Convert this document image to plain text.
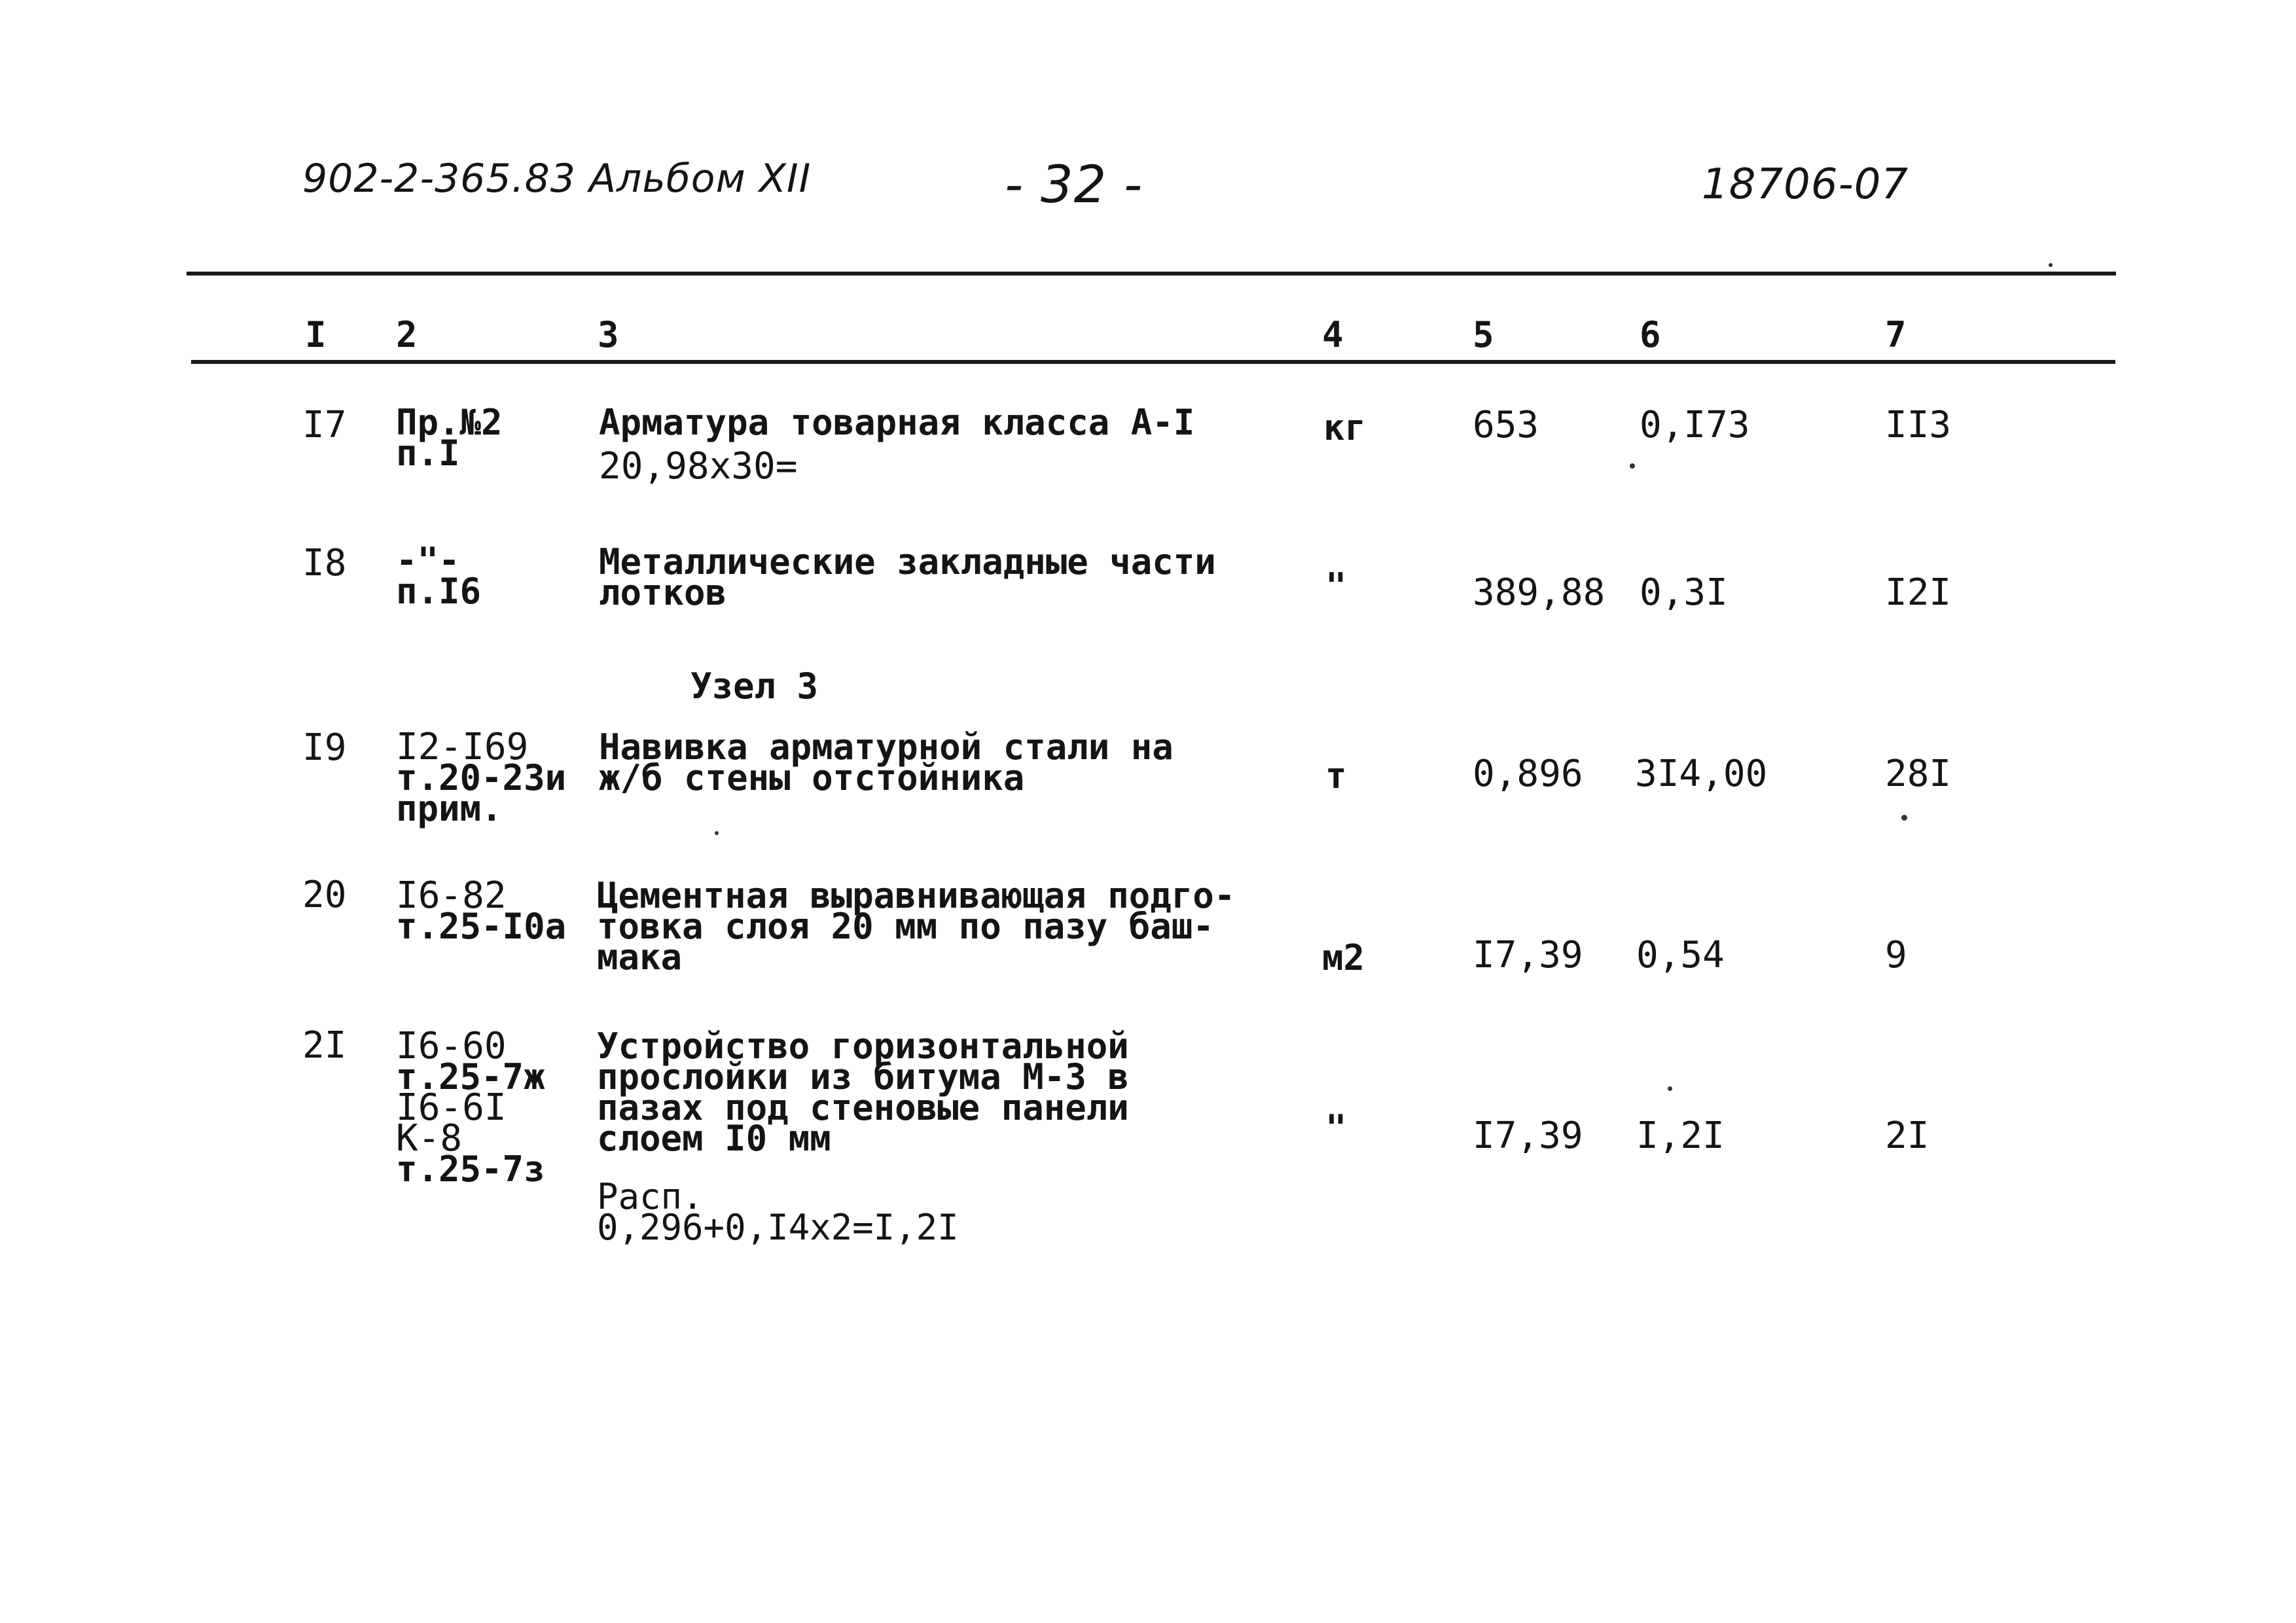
902-2-365.83 Альбом XII	- 32 -	18706-07
I 2	3	4	5	6	7
I7 Пр.№2
п.I
Арматура товарная класса А-I
20,98х30=
кг	653	0,I73	II3
I8 -"-
п.I6
Металлические закладные части
лотков	"	389,88 0,3I	I2I
Узел 3
I9 I2-I69
т.20-23и
прим.
Навивка арматурной стали на
ж/б стены отстойника	т	0,896 3I4,00	28I
20 I6-82
т.25-I0а
Цементная выравнивающая подго-
товка слоя 20 мм по пазу баш-
мака	м2	I7,39 0,54	9
2I I6-60
т.25-7ж
I6-6I
К-8
т.25-7з
Устройство горизонтальной
прослойки из битума М-3 в
пазах под стеновые панели
слоем I0 мм
Расп.
0,296+0,I4х2=I,2I
"	I7,39 I,2I	2I
